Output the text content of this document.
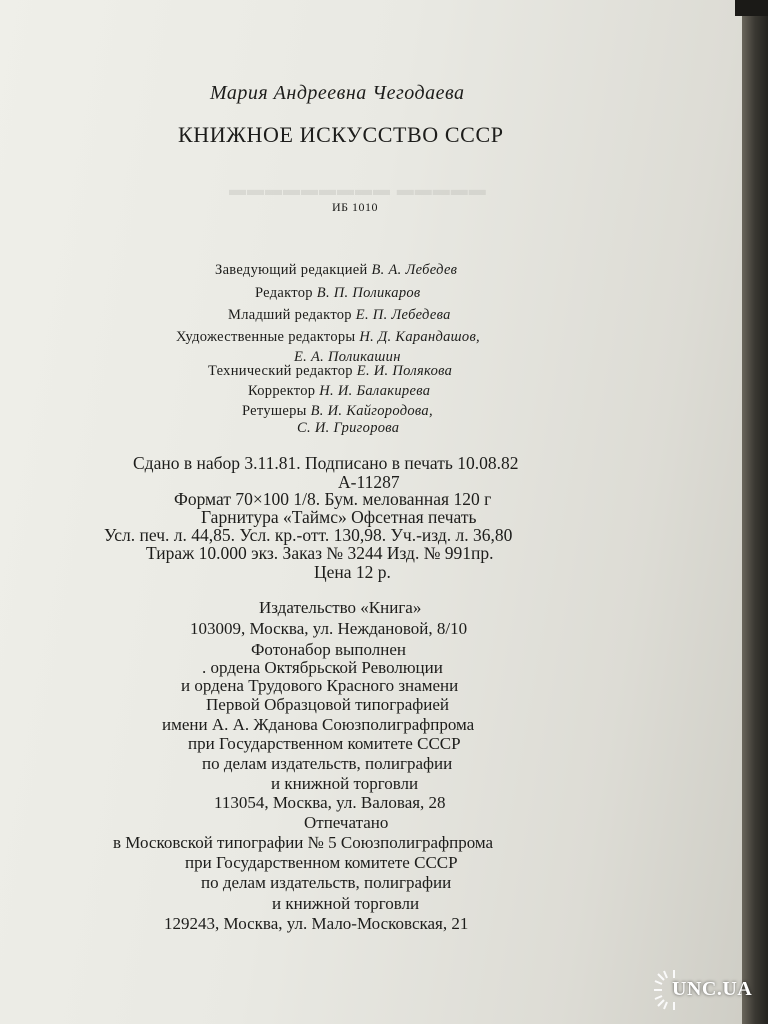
▬▬▬▬▬ ▬▬▬▬▬▬▬▬▬
Мария Андреевна Чегодаева
КНИЖНОЕ ИСКУССТВО СССР
ИБ 1010
Заведующий редакцией В. А. Лебедев
Редактор В. П. Поликаров
Младший редактор Е. П. Лебедева
Художественные редакторы Н. Д. Карандашов,
Е. А. Поликашин
Технический редактор Е. И. Полякова
Корректор Н. И. Балакирева
Ретушеры В. И. Кайгородова,
С. И. Григорова
Сдано в набор 3.11.81. Подписано в печать 10.08.82
А-11287
Формат 70×100 1/8. Бум. мелованная 120 г
Гарнитура «Таймс» Офсетная печать
Усл. печ. л. 44,85. Усл. кр.-отт. 130,98. Уч.-изд. л. 36,80
Тираж 10.000 экз. Заказ № 3244 Изд. № 991пр.
Цена 12 р.
Издательство «Книга»
103009, Москва, ул. Неждановой, 8/10
Фотонабор выполнен
. ордена Октябрьской Революции
и ордена Трудового Красного знамени
Первой Образцовой типографией
имени А. А. Жданова Союзполиграфпрома
при Государственном комитете СССР
по делам издательств, полиграфии
и книжной торговли
113054, Москва, ул. Валовая, 28
Отпечатано
в Московской типографии № 5 Союзполиграфпрома
при Государственном комитете СССР
по делам издательств, полиграфии
и книжной торговли
129243, Москва, ул. Мало-Московская, 21
UNC.UA
